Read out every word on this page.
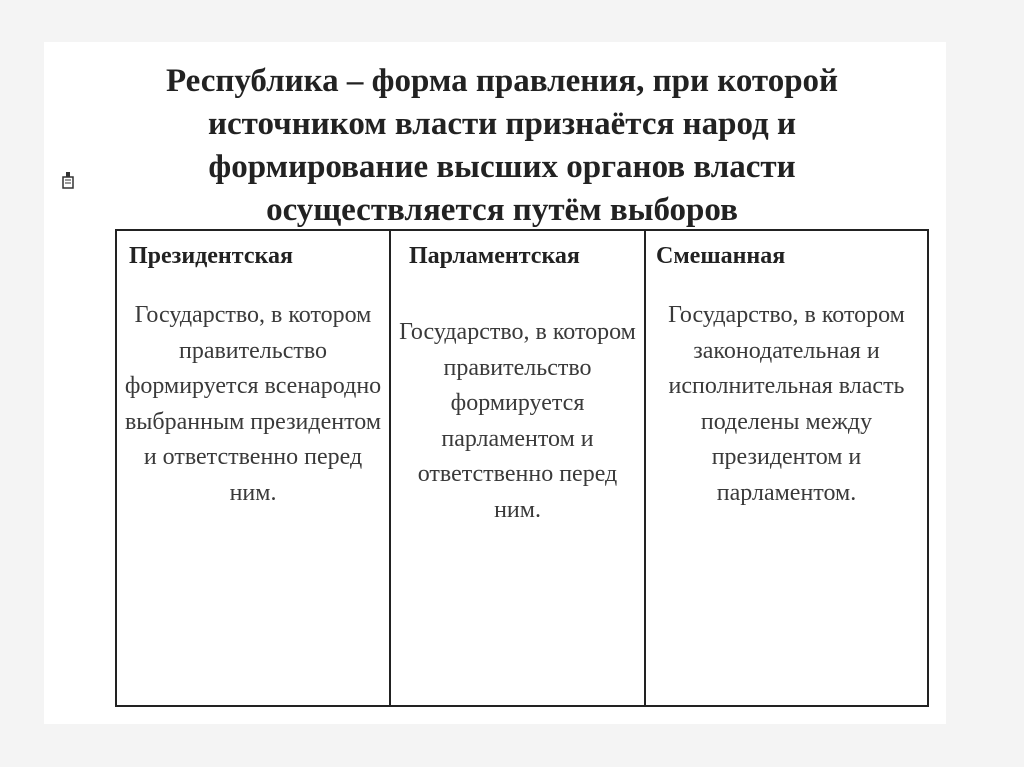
Республика – форма правления, при которой источником власти признаётся народ и формирование высших органов власти осуществляется путём выборов
Президентская
Государство, в котором правительство формируется всенародно выбранным президентом и ответственно перед ним.
Парламентская
Государство, в котором правительство формируется парламентом и ответственно перед ним.
Смешанная
Государство, в котором законодательная и исполнительная власть поделены между президентом и парламентом.
